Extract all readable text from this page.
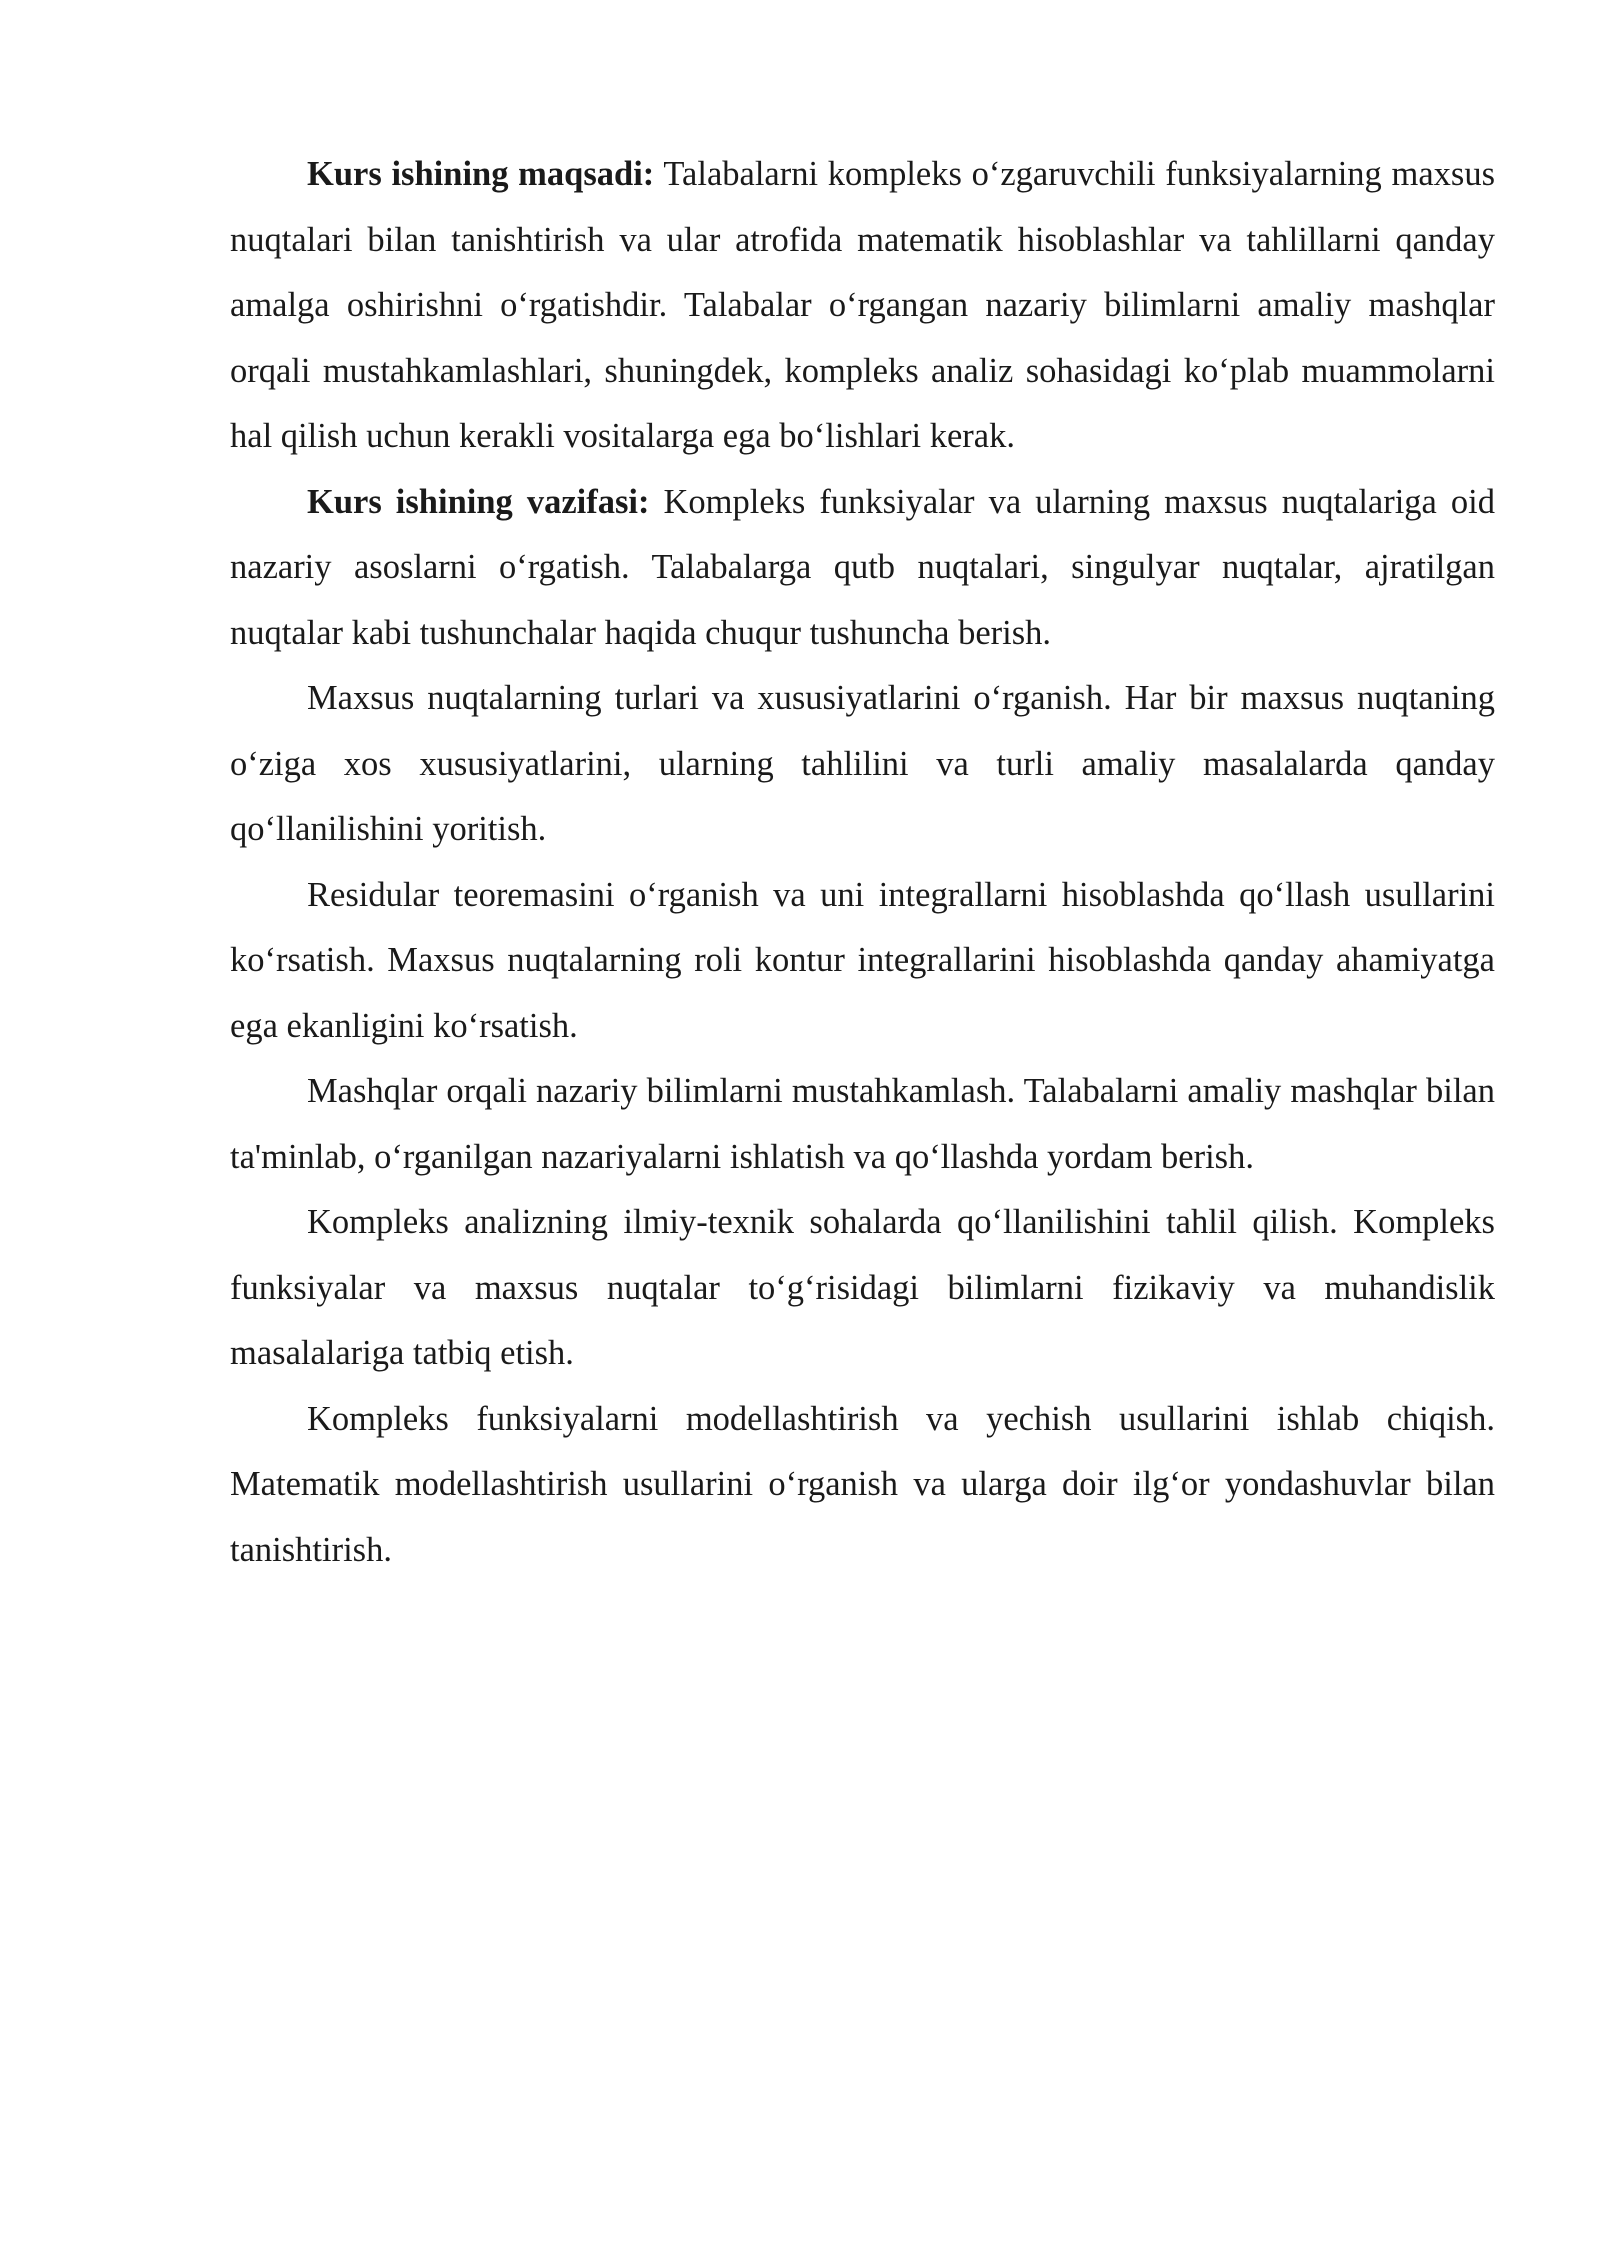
Kurs ishining maqsadi: Talabalarni kompleks o‘zgaruvchili funksiyalarning maxsus nuqtalari bilan tanishtirish va ular atrofida matematik hisoblashlar va tahlillarni qanday amalga oshirishni o‘rgatishdir. Talabalar o‘rgangan nazariy bilimlarni amaliy mashqlar orqali mustahkamlashlari, shuningdek, kompleks analiz sohasidagi ko‘plab muammolarni hal qilish uchun kerakli vositalarga ega bo‘lishlari kerak.

Kurs ishining vazifasi: Kompleks funksiyalar va ularning maxsus nuqtalariga oid nazariy asoslarni o‘rgatish. Talabalarga qutb nuqtalari, singulyar nuqtalar, ajratilgan nuqtalar kabi tushunchalar haqida chuqur tushuncha berish.

Maxsus nuqtalarning turlari va xususiyatlarini o‘rganish. Har bir maxsus nuqtaning o‘ziga xos xususiyatlarini, ularning tahlilini va turli amaliy masalalarda qanday qo‘llanilishini yoritish.

Residular teoremasini o‘rganish va uni integrallarni hisoblashda qo‘llash usullarini ko‘rsatish. Maxsus nuqtalarning roli kontur integrallarini hisoblashda qanday ahamiyatga ega ekanligini ko‘rsatish.

Mashqlar orqali nazariy bilimlarni mustahkamlash. Talabalarni amaliy mashqlar bilan ta'minlab, o‘rganilgan nazariyalarni ishlatish va qo‘llashda yordam berish.

Kompleks analizning ilmiy-texnik sohalarda qo‘llanilishini tahlil qilish. Kompleks funksiyalar va maxsus nuqtalar to‘g‘risidagi bilimlarni fizikaviy va muhandislik masalalariga tatbiq etish.

Kompleks funksiyalarni modellashtirish va yechish usullarini ishlab chiqish. Matematik modellashtirish usullarini o‘rganish va ularga doir ilg‘or yondashuvlar bilan tanishtirish.
